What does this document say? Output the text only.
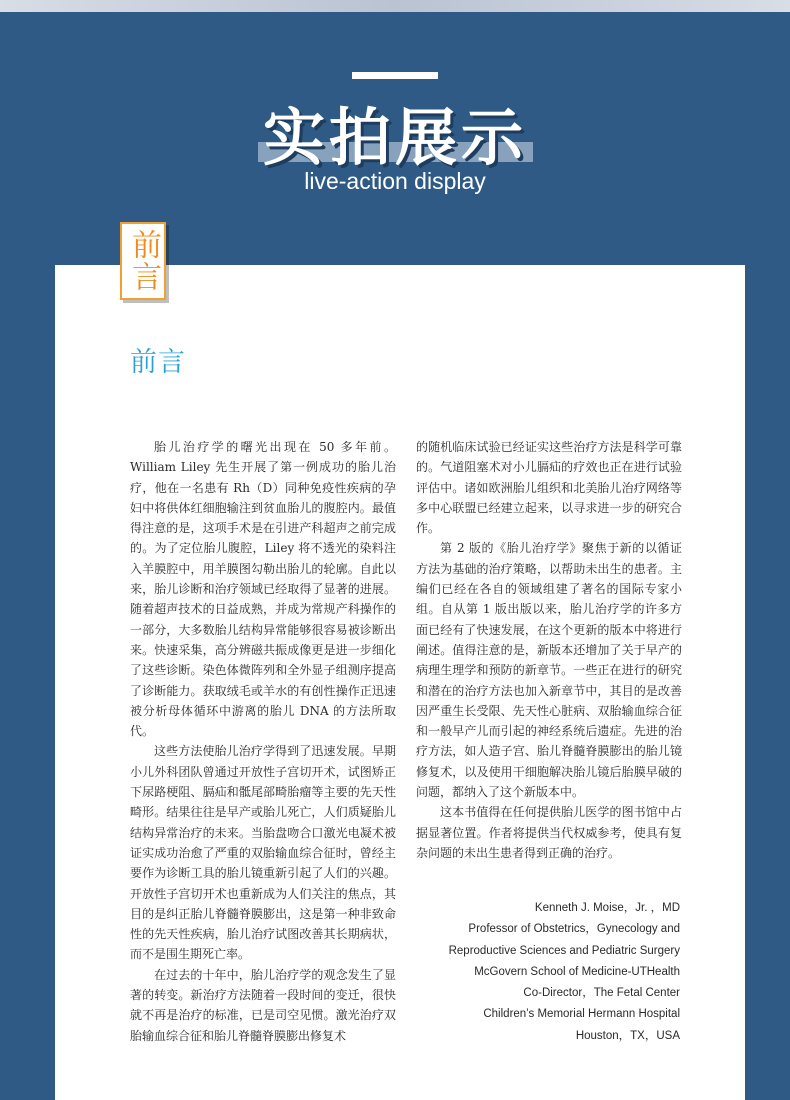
实拍展示

live-action display

前言
前言

胎儿治疗学的曙光出现在 50 多年前。William Liley 先生开展了第一例成功的胎儿治疗，他在一名患有 Rh（D）同种免疫性疾病的孕妇中将供体红细胞输注到贫血胎儿的腹腔内。最值得注意的是，这项手术是在引进产科超声之前完成的。为了定位胎儿腹腔，Liley 将不透光的染料注入羊膜腔中，用羊膜图勾勒出胎儿的轮廓。自此以来，胎儿诊断和治疗领域已经取得了显著的进展。随着超声技术的日益成熟，并成为常规产科操作的一部分，大多数胎儿结构异常能够很容易被诊断出来。快速采集，高分辨磁共振成像更是进一步细化了这些诊断。染色体微阵列和全外显子组测序提高了诊断能力。获取绒毛或羊水的有创性操作正迅速被分析母体循环中游离的胎儿 DNA 的方法所取代。

这些方法使胎儿治疗学得到了迅速发展。早期小儿外科团队曾通过开放性子宫切开术，试图矫正下尿路梗阻、膈疝和骶尾部畸胎瘤等主要的先天性畸形。结果往往是早产或胎儿死亡，人们质疑胎儿结构异常治疗的未来。当胎盘吻合口激光电凝术被证实成功治愈了严重的双胎输血综合征时，曾经主要作为诊断工具的胎儿镜重新引起了人们的兴趣。开放性子宫切开术也重新成为人们关注的焦点，其目的是纠正胎儿脊髓脊膜膨出，这是第一种非致命性的先天性疾病，胎儿治疗试图改善其长期病状，而不是围生期死亡率。

在过去的十年中，胎儿治疗学的观念发生了显著的转变。新治疗方法随着一段时间的变迁，很快就不再是治疗的标准，已是司空见惯。激光治疗双胎输血综合征和胎儿脊髓脊膜膨出修复术

的随机临床试验已经证实这些治疗方法是科学可靠的。气道阻塞术对小儿膈疝的疗效也正在进行试验评估中。诸如欧洲胎儿组织和北美胎儿治疗网络等多中心联盟已经建立起来，以寻求进一步的研究合作。

第 2 版的《胎儿治疗学》聚焦于新的以循证方法为基础的治疗策略，以帮助未出生的患者。主编们已经在各自的领域组建了著名的国际专家小组。自从第 1 版出版以来，胎儿治疗学的许多方面已经有了快速发展，在这个更新的版本中将进行阐述。值得注意的是，新版本还增加了关于早产的病理生理学和预防的新章节。一些正在进行的研究和潜在的治疗方法也加入新章节中，其目的是改善因严重生长受限、先天性心脏病、双胎输血综合征和一般早产儿而引起的神经系统后遗症。先进的治疗方法，如人造子宫、胎儿脊髓脊膜膨出的胎儿镜修复术，以及使用干细胞解决胎儿镜后胎膜早破的问题，都纳入了这个新版本中。

这本书值得在任何提供胎儿医学的图书馆中占据显著位置。作者将提供当代权威参考，使具有复杂问题的未出生患者得到正确的治疗。

Kenneth J. Moise，Jr. ，MD
Professor of Obstetrics，Gynecology and
Reproductive Sciences and Pediatric Surgery
McGovern School of Medicine-UTHealth
Co-Director，The Fetal Center
Children’s Memorial Hermann Hospital
Houston，TX，USA
